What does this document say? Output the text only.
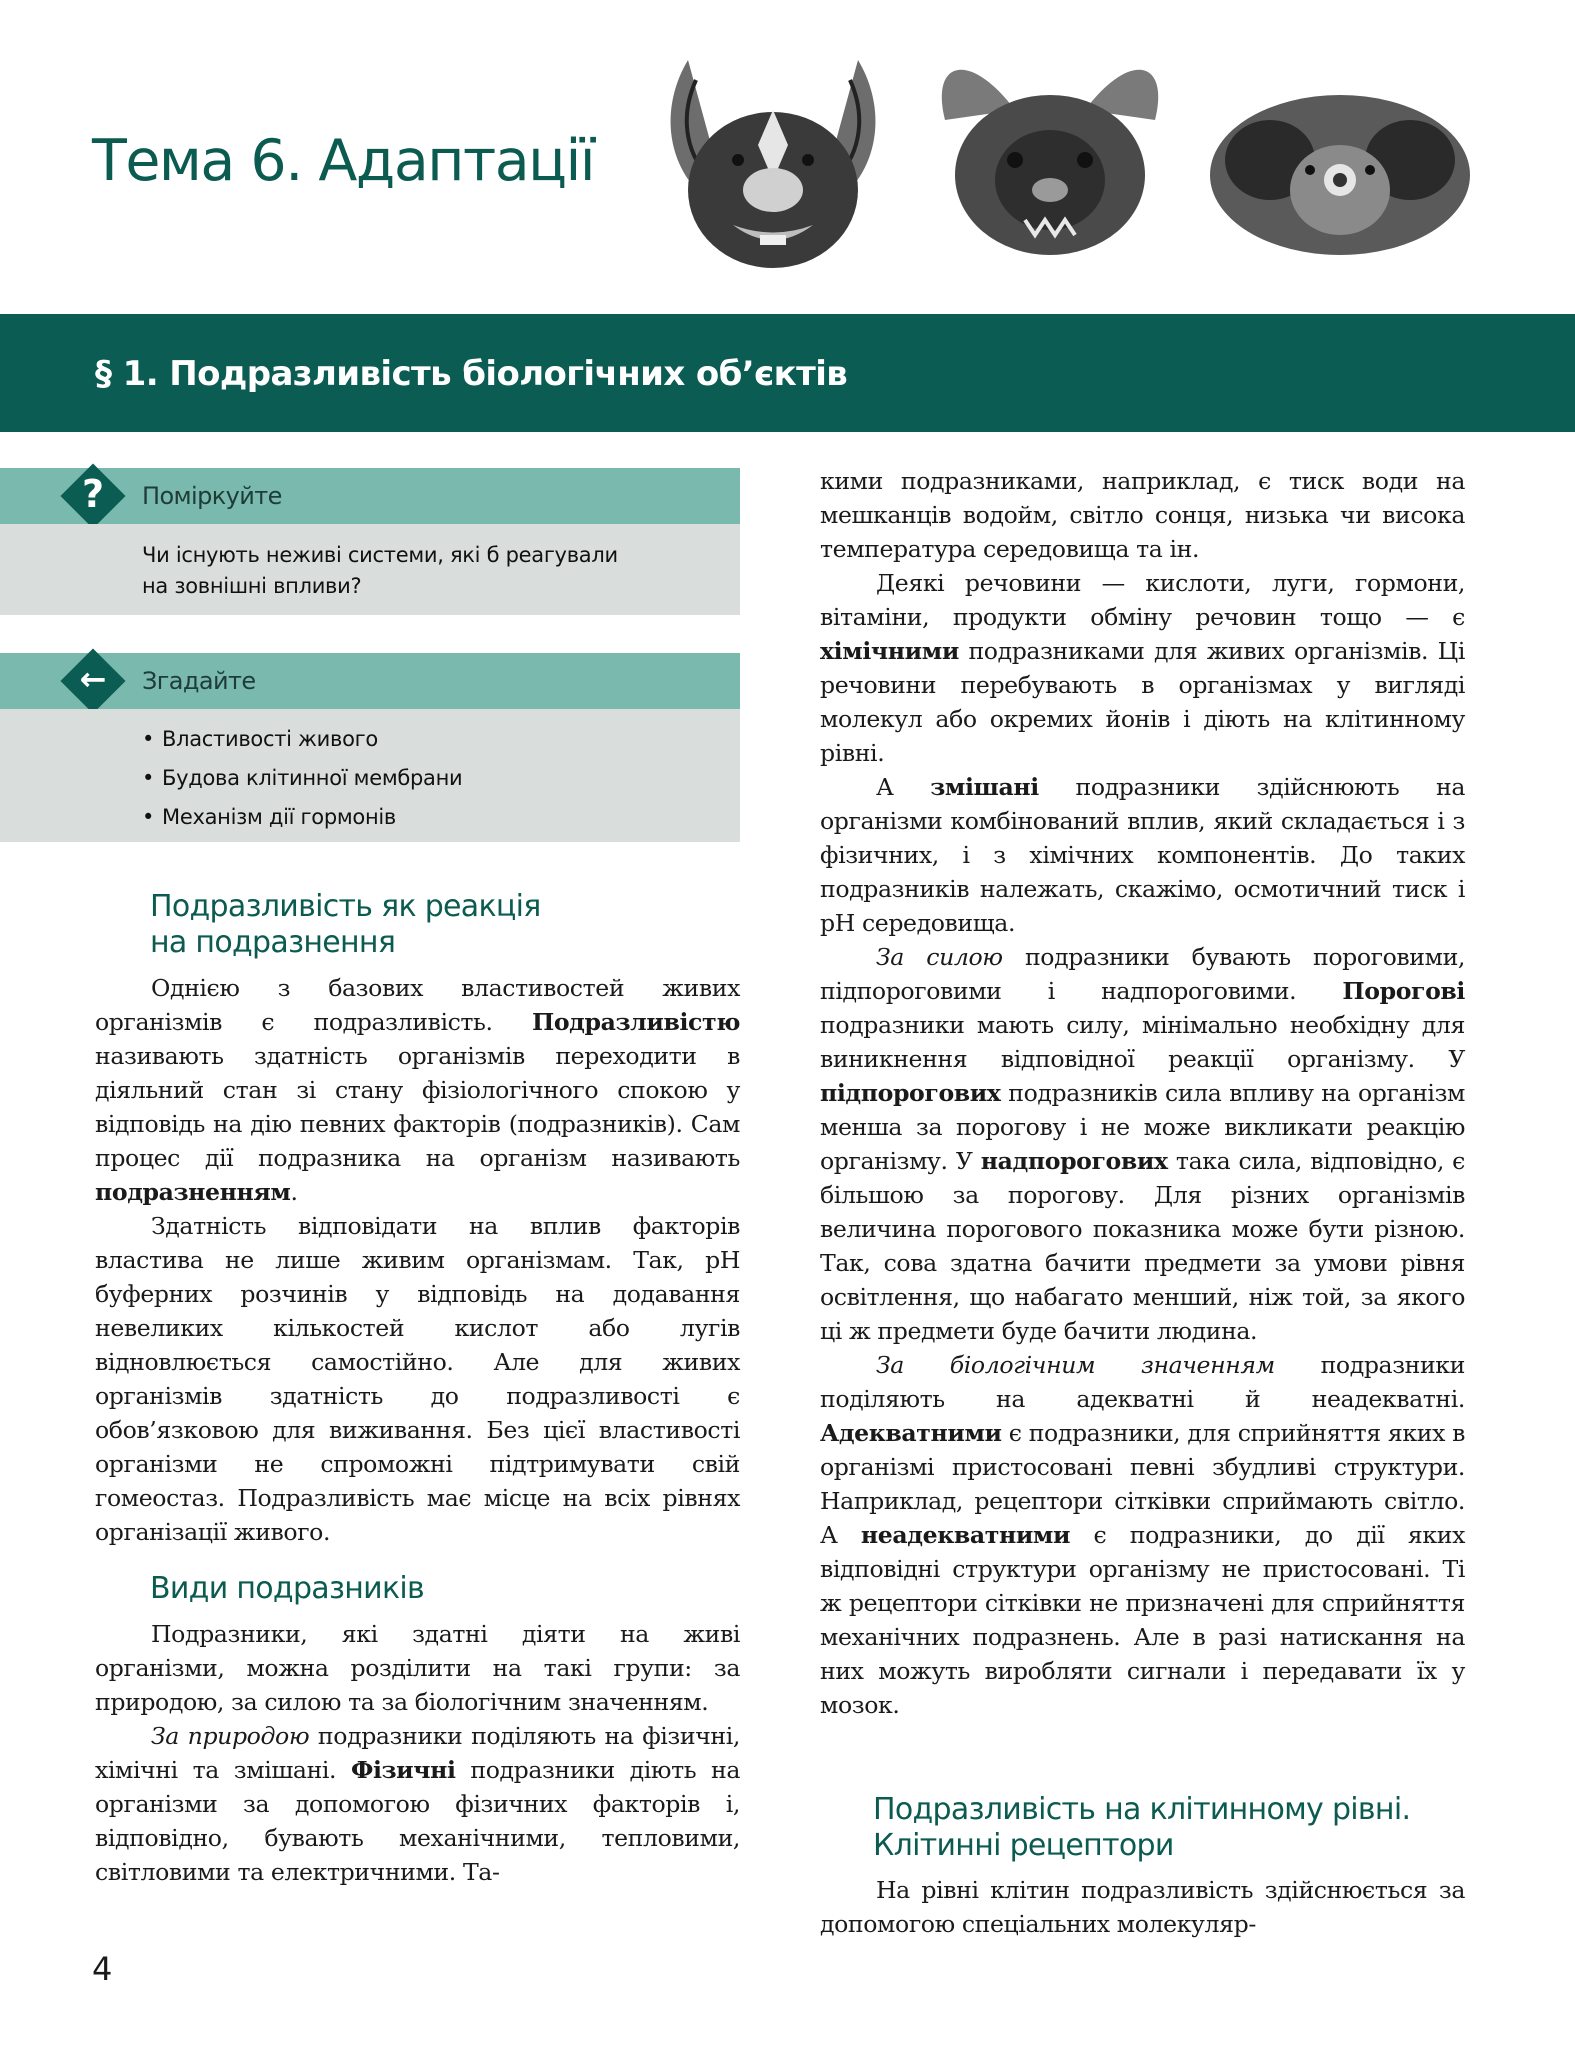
Тема 6. Адаптації
§ 1. Подразливість біологічних об’єктів
?	Поміркуйте
Чи існують неживі системи, які б реагували
на зовнішні впливи?
←	Згадайте
• Властивості живого
• Будова клітинної мембрани
• Механізм дії гормонів
Подразливість як реакція
на подразнення

Однією з базових властивостей живих організмів є подразливість. Подразливістю називають здатність організмів переходити в діяльний стан зі стану фізіологічного спокою у відповідь на дію певних факторів (подразників). Сам процес дії подразника на організм називають подразненням.

Здатність відповідати на вплив факторів властива не лише живим організмам. Так, рН буферних розчинів у відповідь на додавання невеликих кількостей кислот або лугів відновлюється самостійно. Але для живих організмів здатність до подразливості є обов’язковою для виживання. Без цієї властивості організми не спроможні підтримувати свій гомеостаз. Подразливість має місце на всіх рівнях організації живого.

Види подразників

Подразники, які здатні діяти на живі організми, можна розділити на такі групи: за природою, за силою та за біологічним значенням.

За природою подразники поділяють на фізичні, хімічні та змішані. Фізичні подразники діють на організми за допомогою фізичних факторів і, відповідно, бувають механічними, тепловими, світловими та електричними. Та-

кими подразниками, наприклад, є тиск води на мешканців водойм, світло сонця, низька чи висока температура середовища та ін.

Деякі речовини — кислоти, луги, гормони, вітаміни, продукти обміну речовин тощо — є хімічними подразниками для живих організмів. Ці речовини перебувають в організмах у вигляді молекул або окремих йонів і діють на клітинному рівні.

А змішані подразники здійснюють на організми комбінований вплив, який складається і з фізичних, і з хімічних компонентів. До таких подразників належать, скажімо, осмотичний тиск і рН середовища.

За силою подразники бувають пороговими, підпороговими і надпороговими. Порогові подразники мають силу, мінімально необхідну для виникнення відповідної реакції організму. У підпорогових подразників сила впливу на організм менша за порогову і не може викликати реакцію організму. У надпорогових така сила, відповідно, є більшою за порогову. Для різних організмів величина порогового показника може бути різною. Так, сова здатна бачити предмети за умови рівня освітлення, що набагато менший, ніж той, за якого ці ж предмети буде бачити людина.

За біологічним значенням подразники поділяють на адекватні й неадекватні. Адекватними є подразники, для сприйняття яких в організмі пристосовані певні збудливі структури. Наприклад, рецептори сітківки сприймають світло. А неадекватними є подразники, до дії яких відповідні структури організму не пристосовані. Ті ж рецептори сітківки не призначені для сприйняття механічних подразнень. Але в разі натискання на них можуть виробляти сигнали і передавати їх у мозок.

Подразливість на клітинному рівні.
Клітинні рецептори

На рівні клітин подразливість здійснюється за допомогою спеціальних молекуляр-

4
